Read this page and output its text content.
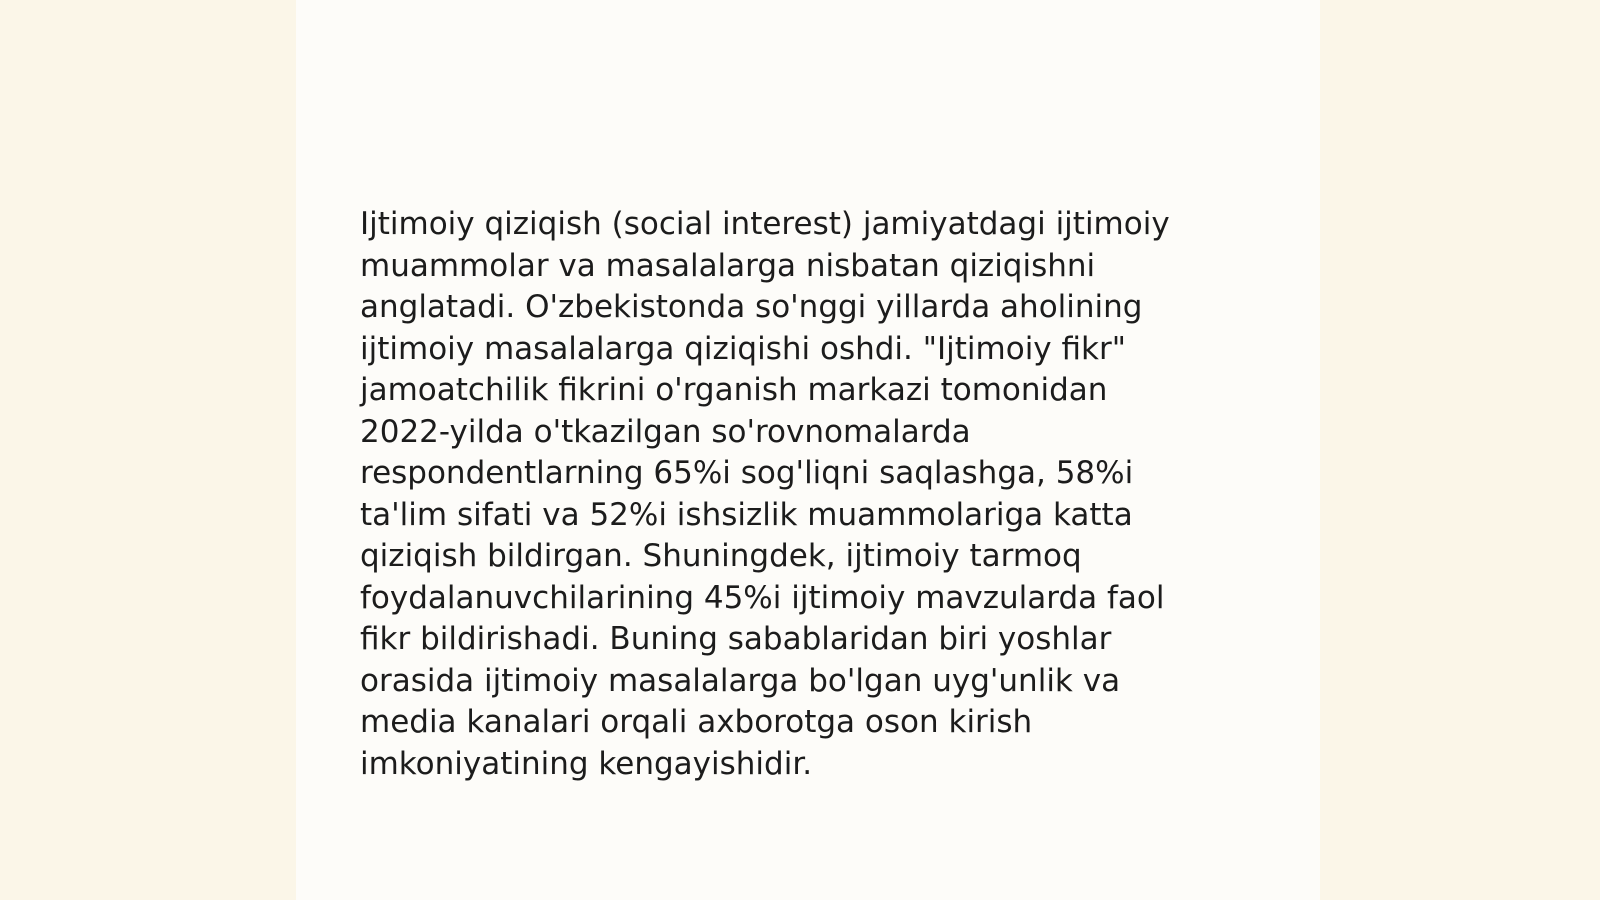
Ijtimoiy qiziqish (social interest) jamiyatdagi ijtimoiy
muammolar va masalalarga nisbatan qiziqishni
anglatadi. O'zbekistonda so'nggi yillarda aholining
ijtimoiy masalalarga qiziqishi oshdi. "Ijtimoiy fikr"
jamoatchilik fikrini o'rganish markazi tomonidan
2022-yilda o'tkazilgan so'rovnomalarda
respondentlarning 65%i sog'liqni saqlashga, 58%i
ta'lim sifati va 52%i ishsizlik muammolariga katta
qiziqish bildirgan. Shuningdek, ijtimoiy tarmoq
foydalanuvchilarining 45%i ijtimoiy mavzularda faol
fikr bildirishadi. Buning sabablaridan biri yoshlar
orasida ijtimoiy masalalarga bo'lgan uyg'unlik va
media kanalari orqali axborotga oson kirish
imkoniyatining kengayishidir.
